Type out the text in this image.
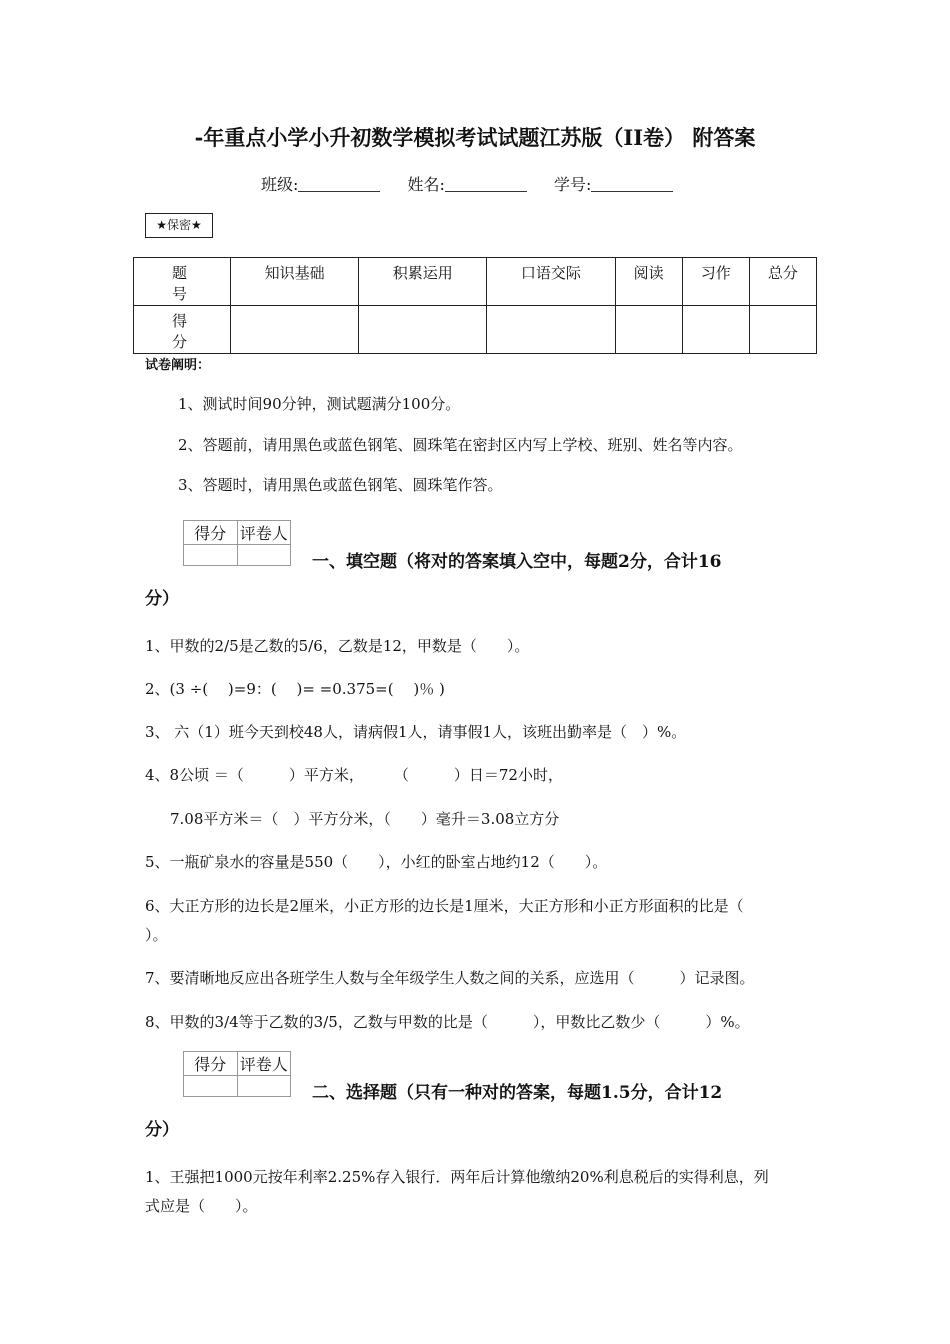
-年重点小学小升初数学模拟考试试题江苏版（II卷） 附答案
班级:	姓名:	学号:
★保密★
题　号	知识基础	积累运用	口语交际	阅读	习作	总分
得　分						
试卷阐明：
1、测试时间90分钟，测试题满分100分。
2、答题前，请用黑色或蓝色钢笔、圆珠笔在密封区内写上学校、班别、姓名等内容。
3、答题时，请用黑色或蓝色钢笔、圆珠笔作答。
得分	评卷人

一、填空题（将对的答案填入空中，每题2分，合计16
分）
1、甲数的2/5是乙数的5/6，乙数是12，甲数是（　　）。
2、(3 ÷(　 )=9：(　 )= =0.375=(　 )％ )
3、 六（1）班今天到校48人，请病假1人，请事假1人，该班出勤率是（　）%。
4、8公顷 ＝（　　　）平方米，　　　（　　　）日＝72小时，
7.08平方米＝（　）平方分米，（　　）毫升＝3.08立方分
5、一瓶矿泉水的容量是550（　　），小红的卧室占地约12（　　）。
6、大正方形的边长是2厘米，小正方形的边长是1厘米，大正方形和小正方形面积的比是（
）。
7、要清晰地反应出各班学生人数与全年级学生人数之间的关系，应选用（　　　）记录图。
8、甲数的3/4等于乙数的3/5，乙数与甲数的比是（　　　），甲数比乙数少（　　　）%。
得分	评卷人

二、选择题（只有一种对的答案，每题1.5分，合计12
分）
1、王强把1000元按年利率2.25%存入银行．两年后计算他缴纳20%利息税后的实得利息，列
式应是（　　）。
